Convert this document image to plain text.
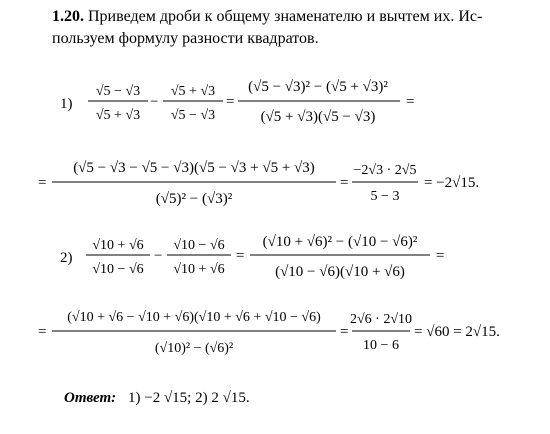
1.20. Приведем дроби к общему знаменателю и вычтем их. Ис-
пользуем формулу разности квадратов.
1)
√5 − √3
√5 + √3
−
√5 + √3
√5 − √3
=
(√5 − √3)² − (√5 + √3)²
(√5 + √3)(√5 − √3)
=
=
(√5 − √3 − √5 − √3)(√5 − √3 + √5 + √3)
(√5)² − (√3)²
=
−2√3 · 2√5
5 − 3
= −2√15.
2)
√10 + √6
√10 − √6
−
√10 − √6
√10 + √6
=
(√10 + √6)² − (√10 − √6)²
(√10 − √6)(√10 + √6)
=
=
(√10 + √6 − √10 + √6)(√10 + √6 + √10 − √6)
(√10)² − (√6)²
=
2√6 · 2√10
10 − 6
= √60 = 2√15.
Ответ: 1) −2 √15; 2) 2 √15.
